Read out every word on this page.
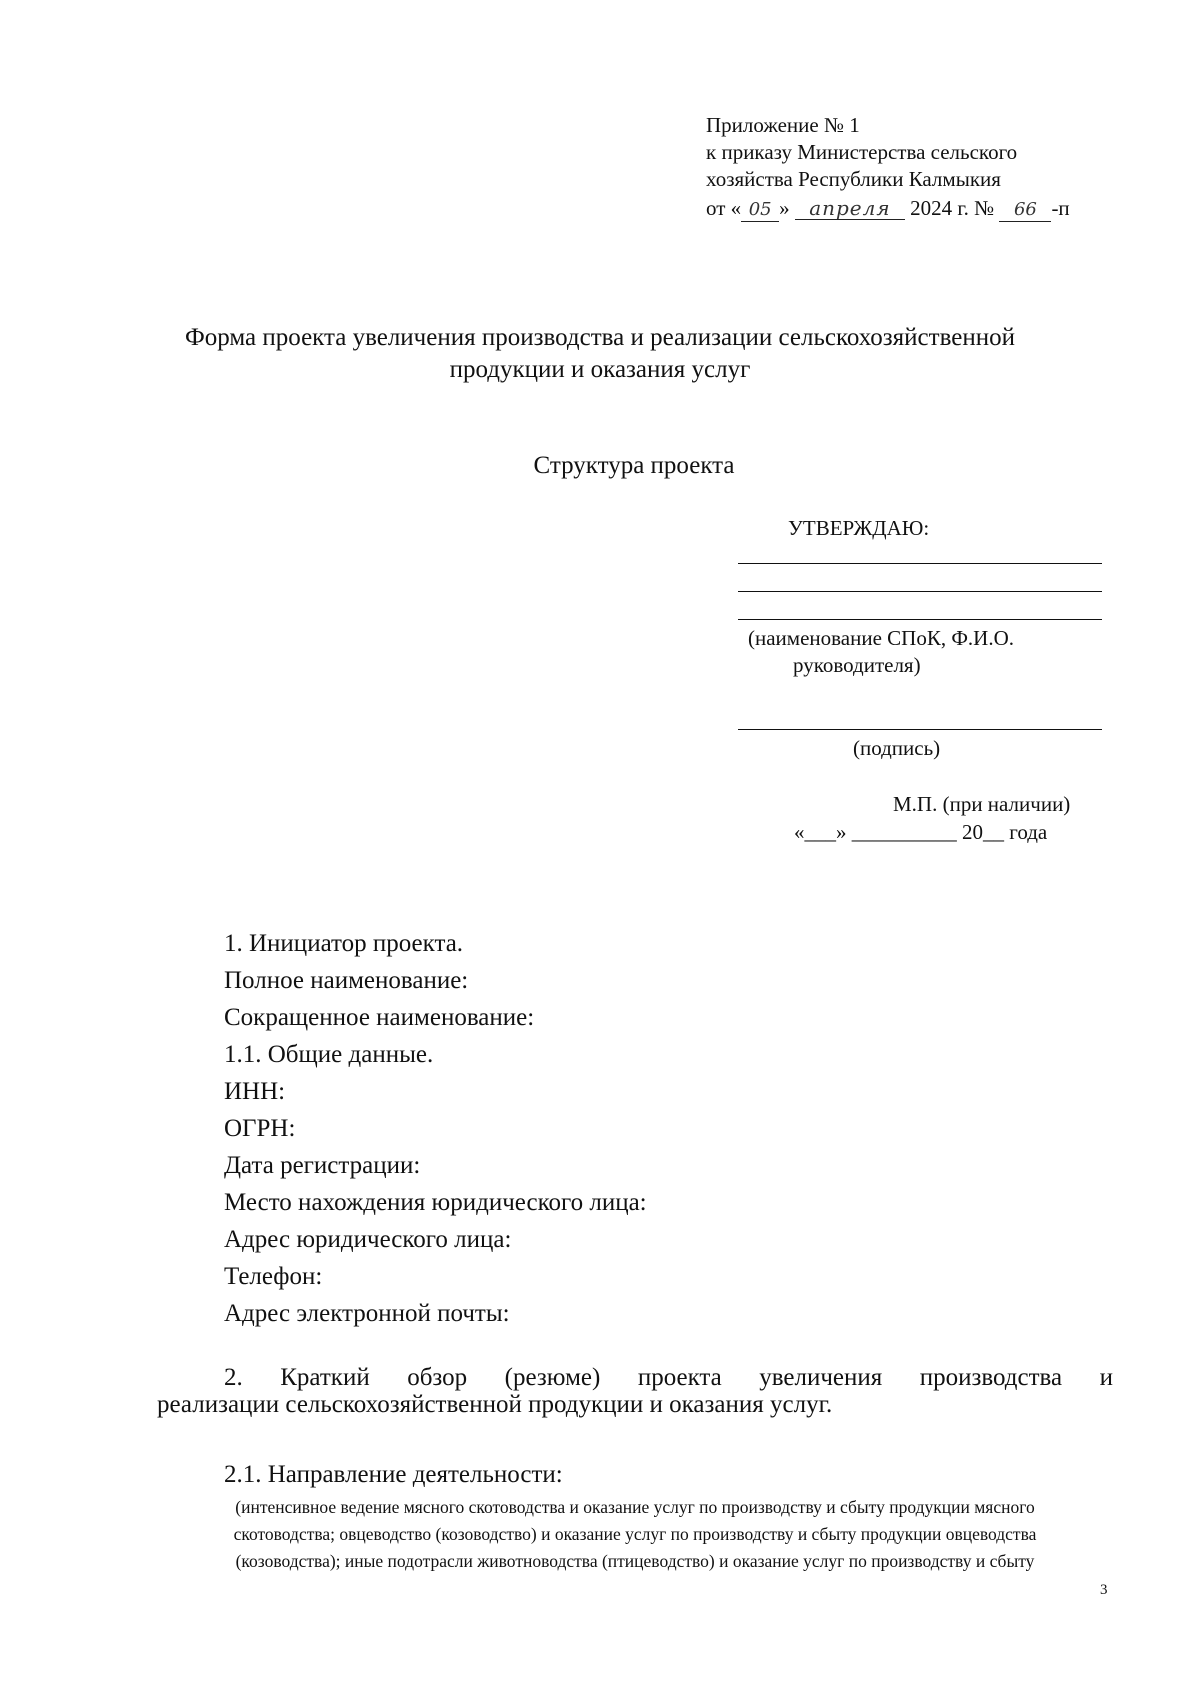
Приложение № 1
к приказу Министерства сельского
хозяйства Республики Калмыкия
от « 05 » апреля 2024 г. № 66 -п
Форма проекта увеличения производства и реализации сельскохозяйственной
продукции и оказания услуг
Структура проекта
УТВЕРЖДАЮ:
(наименование СПоК, Ф.И.О.
руководителя)
(подпись)
М.П. (при наличии)
«___» __________ 20__ года
1. Инициатор проекта.
Полное наименование:
Сокращенное наименование:
1.1. Общие данные.
ИНН:
ОГРН:
Дата регистрации:
Место нахождения юридического лица:
Адрес юридического лица:
Телефон:
Адрес электронной почты:
2. Краткий обзор (резюме) проекта увеличения производства и
реализации сельскохозяйственной продукции и оказания услуг.
2.1. Направление деятельности:
(интенсивное ведение мясного скотоводства и оказание услуг по производству и сбыту продукции мясного
скотоводства; овцеводство (козоводство) и оказание услуг по производству и сбыту продукции овцеводства
(козоводства); иные подотрасли животноводства (птицеводство) и оказание услуг по производству и сбыту
3
